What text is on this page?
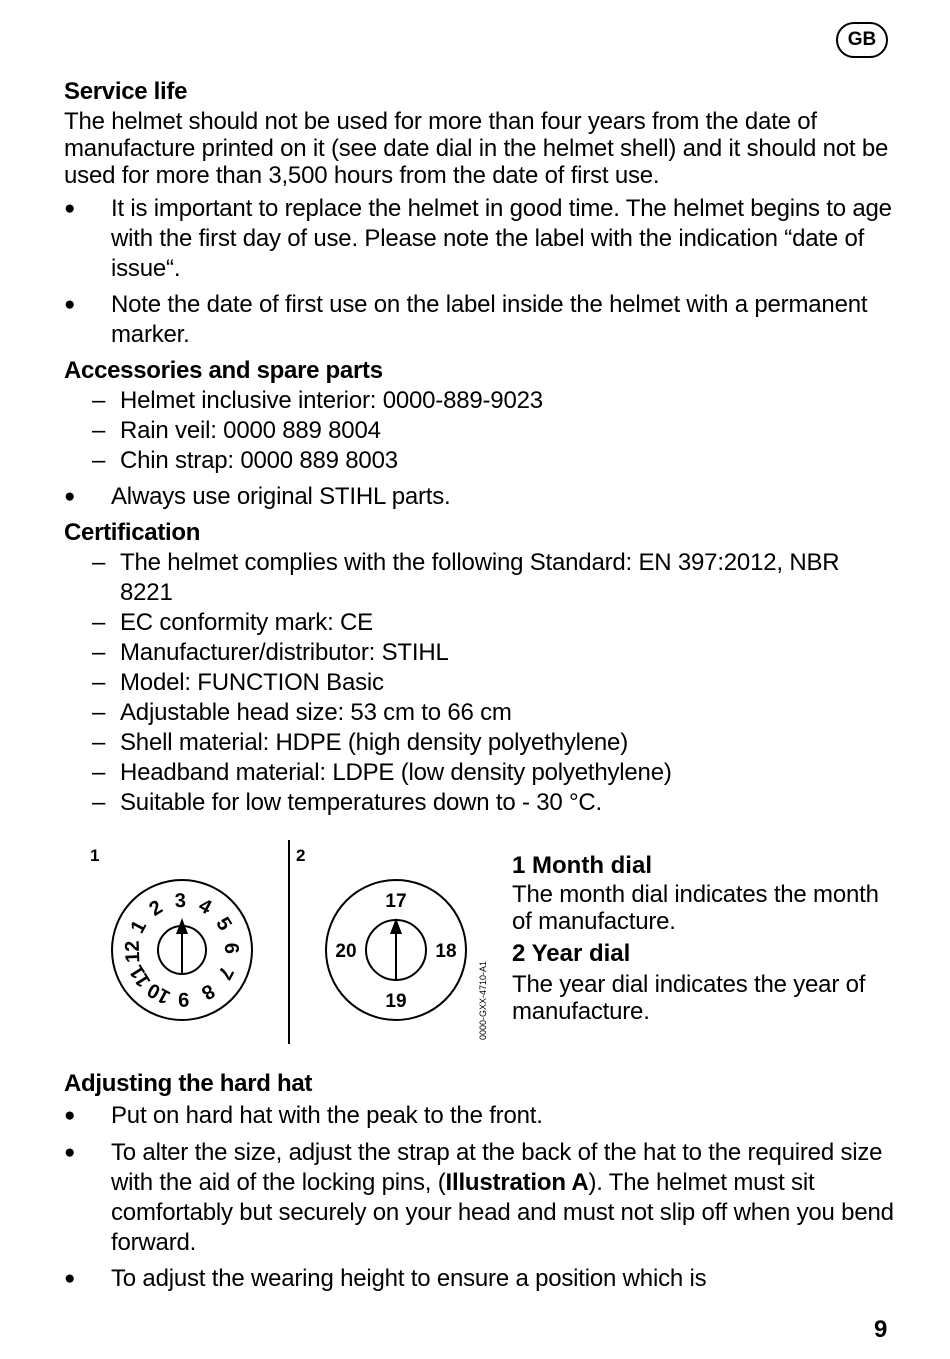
GB
Service life
The helmet should not be used for more than four years from the date of manufacture printed on it (see date dial in the helmet shell) and it should not be used for more than 3,500 hours from the date of first use.
● It is important to replace the helmet in good time. The helmet begins to age with the first day of use. Please note the label with the indication “date of issue“.
● Note the date of first use on the label inside the helmet with a permanent marker.
Accessories and spare parts
– Helmet inclusive interior: 0000-889-9023
– Rain veil: 0000 889 8004
– Chin strap: 0000 889 8003
● Always use original STIHL parts.
Certification
– The helmet complies with the following Standard: EN 397:2012, NBR 8221
– EC conformity mark: CE
– Manufacturer/distributor: STIHL
– Model: FUNCTION Basic
– Adjustable head size: 53 cm to 66 cm
– Shell material: HDPE (high density polyethylene)
– Headband material: LDPE (low density polyethylene)
– Suitable for low temperatures down to - 30 °C.
1	2
1
2 3 4
5
6
7
8
9
10
11
12
17
18
19
20
0000-GXX-4710-A1
1 Month dial
The month dial indicates the month of manufacture.
2 Year dial
The year dial indicates the year of manufacture.
Adjusting the hard hat
● Put on hard hat with the peak to the front.
● To alter the size, adjust the strap at the back of the hat to the required size with the aid of the locking pins, (Illustration A). The helmet must sit comfortably but securely on your head and must not slip off when you bend forward.
● To adjust the wearing height to ensure a position which is
9
